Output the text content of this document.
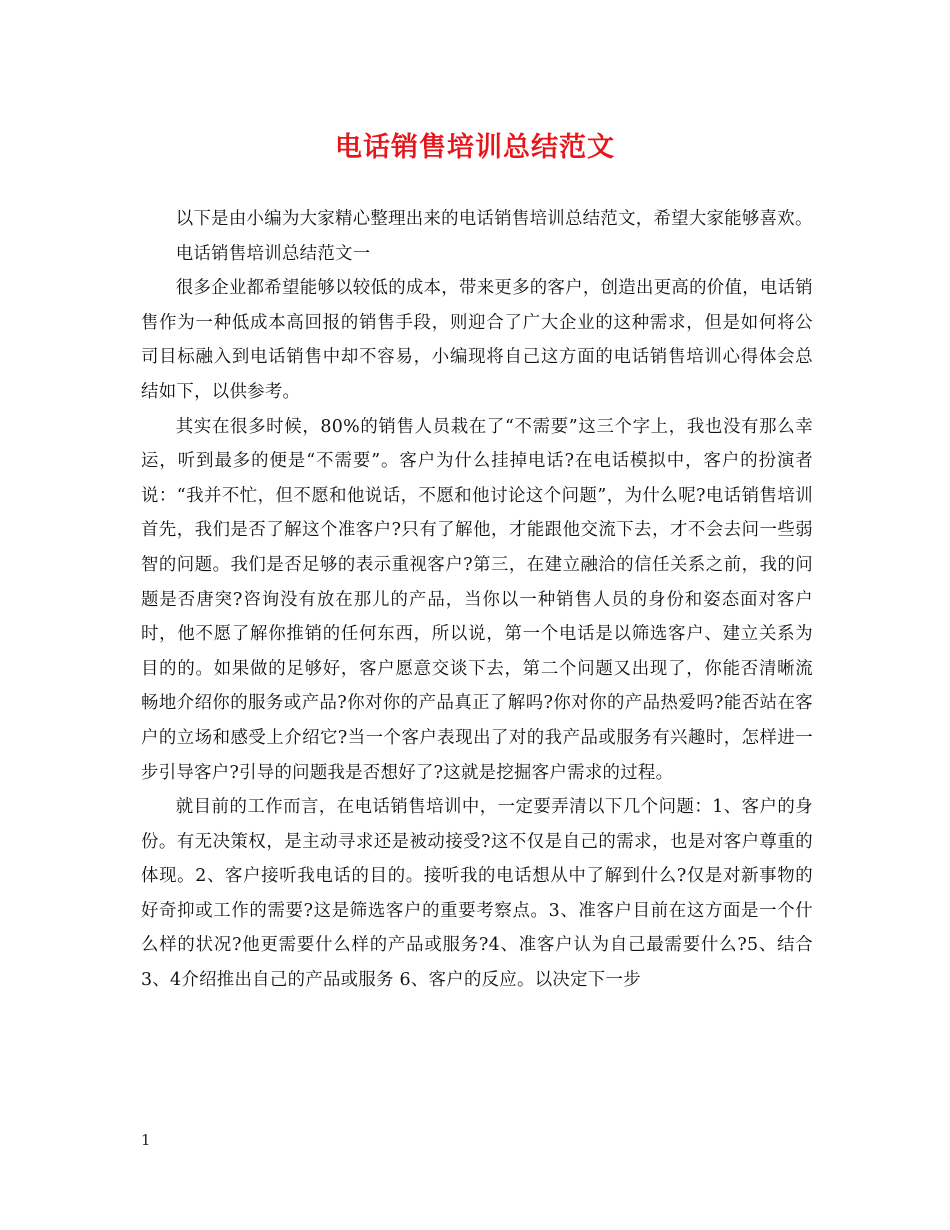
电话销售培训总结范文

以下是由小编为大家精心整理出来的电话销售培训总结范文，希望大家能够喜欢。

电话销售培训总结范文一

很多企业都希望能够以较低的成本，带来更多的客户，创造出更高的价值，电话销售作为一种低成本高回报的销售手段，则迎合了广大企业的这种需求，但是如何将公司目标融入到电话销售中却不容易，小编现将自己这方面的电话销售培训心得体会总结如下，以供参考。

其实在很多时候，80%的销售人员栽在了“不需要”这三个字上，我也没有那么幸运，听到最多的便是“不需要”。客户为什么挂掉电话?在电话模拟中，客户的扮演者说：“我并不忙，但不愿和他说话，不愿和他讨论这个问题”，为什么呢?电话销售培训首先，我们是否了解这个准客户?只有了解他，才能跟他交流下去，才不会去问一些弱智的问题。我们是否足够的表示重视客户?第三，在建立融洽的信任关系之前，我的问题是否唐突?咨询没有放在那儿的产品，当你以一种销售人员的身份和姿态面对客户时，他不愿了解你推销的任何东西，所以说，第一个电话是以筛选客户、建立关系为目的的。如果做的足够好，客户愿意交谈下去，第二个问题又出现了，你能否清晰流畅地介绍你的服务或产品?你对你的产品真正了解吗?你对你的产品热爱吗?能否站在客户的立场和感受上介绍它?当一个客户表现出了对的我产品或服务有兴趣时，怎样进一步引导客户?引导的问题我是否想好了?这就是挖掘客户需求的过程。

就目前的工作而言，在电话销售培训中，一定要弄清以下几个问题：1、客户的身份。有无决策权，是主动寻求还是被动接受?这不仅是自己的需求，也是对客户尊重的体现。2、客户接听我电话的目的。接听我的电话想从中了解到什么?仅是对新事物的好奇抑或工作的需要?这是筛选客户的重要考察点。3、准客户目前在这方面是一个什么样的状况?他更需要什么样的产品或服务?4、准客户认为自己最需要什么?5、结合3、4介绍推出自己的产品或服务 6、客户的反应。以决定下一步

1
